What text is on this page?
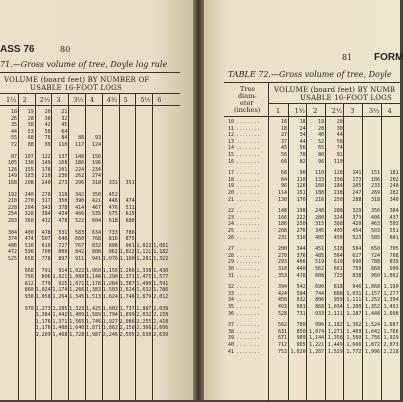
ASS 76	80
71.—Gross volume of tree, Doyle log rule
VOLUME (board feet) BY NUMBER OF
USABLE 16-FOOT LOGS
1½ 2 2½ 3 3½ 4 4½ 5 5½ 6
18	19	20	21
26	28	30	32
35	38	42	45
44	53	58	64
55	68	76	84	88	93
72	88	99	110	117	124
87	107	122	137	148	156
105	130	149	168	186	196
126	155	178	201	224	234
149	183	210	236	262	274
168	208	240	273	296	318	331	351
192	240	278	318	342	350	452
210	270	317	350	390	421	448	474
228	294	343	378	414	467	476	511
254	328	384	434	466	535	575	615
283	360	432	478	522	604	618	688
304	400	478	531	583	634	733	786
374	474	507	640	660	768	816	875
406	516	610	727	767	832	898	961 1,022 1,081
472	596	700	809	842	888	962 1,022 1,121 1,182
525	658	778	897	911	941 1,076 1,160 1,281 1,322
668	791	914 1,022 1,060 1,156 1,266 1,338 1,430
756	896 1,021 1,088 1,146 1,290 1,371 1,475 1,577
812	779	925 1,071 1,178 1,284 1,387 1,490 1,591
860 1,024 1,174 1,266 1,383 1,503 1,624 1,632 1,786
936 1,058 1,264 1,345 1,513 1,624 1,746 1,879 2,012
970 1,273 1,285 1,323 1,425 1,602 1,737 1,887 2,039
1,384 1,442 1,489 1,589 1,794 1,899 2,032 2,158
1,176 1,371 1,565 1,746 1,927 2,086 2,255 2,418
1,176 1,408 1,640 1,871 1,862 2,150 2,366 2,606
1,209 1,468 1,728 1,987 2,246 2,505 2,630 2,639
81 FORM
TABLE 72.—Gross volume of tree, Doyle
Tree
diam-
eter
(inches)
VOLUME (board feet) BY NUMB
USABLE 16-FOOT LOGS
1 1½ 2 2½ 3 3½ 4
10 ........	16	18	19	20
11 ........	18	24	28	30
12 ........	27	34	40	44
13 ........	37	44	52	58
14 ........	45	56	65	74
15 ........	56	70	80	92
16 ........	66	82	96	110
17 ........	68	90	110	120	141	151	181
18 ........	84	110	133	156	173	186	202
19 ........	96	126	160	184	205	233	248
20 ........	114	151	188	218	247	269	282
21 ........	130	170	216	250	288	318	340
22 ........	148	198	248	288	329	356	384
23 ........	166	222	280	324	373	406	437
24 ........	186	250	315	368	420	463	503
25 ........	208	276	345	405	454	503	551
26 ........	231	310	405	458	523	585	601
27 ........	200	344	451	518	584	650	705
28 ........	270	376	485	564	627	724	768
29 ........	293	406	519	610	690	788	839
30 ........	318	440	562	661	759	868	909
31 ........	353	478	608	723	838	960 1,002
32 ........	394	542	690	818	946 1,068 1,190
33 ........	424	584	744	888 1,031 1,157 1,277
34 ........	458	632	806	959 1,111 1,252 1,394
35 ........	493	681	868 1,034 1,200 1,352 1,492
36 ........	528	731	933 1,111 1,287 1,448 1,608
37 ........	562	780	996 1,182 1,362 1,524 1,687
38 ........	631	850 1,074 1,271 1,469 1,642 1,766
39 ........	671	909 1,144 1,358 1,560 1,756 1,929
40 ........	712	965 1,221 1,449 1,666 1,872 2,073
41 ........	753 1,020 1,287 1,529 1,772 1,996 2,218
